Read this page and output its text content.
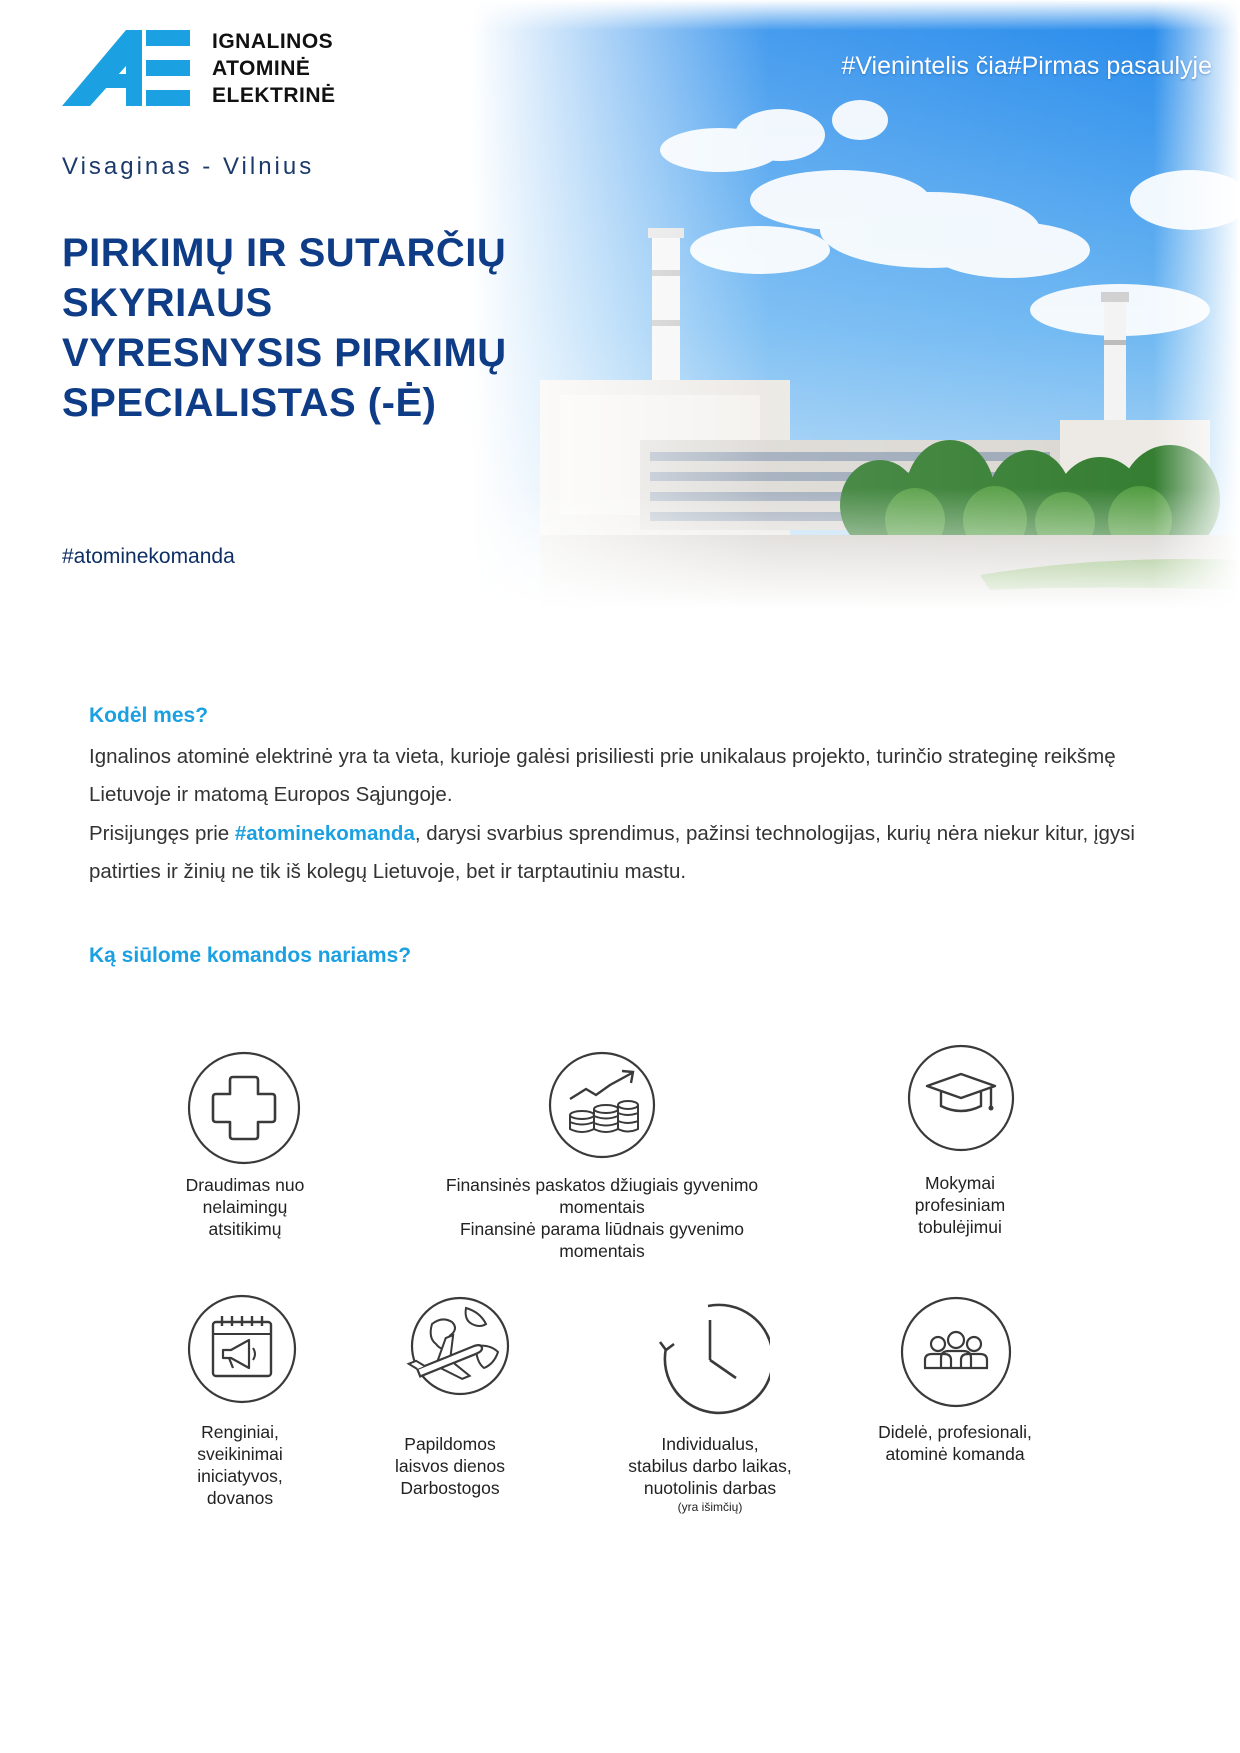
IGNALINOS
ATOMINĖ
ELEKTRINĖ
#Vienintelis čia#Pirmas pasaulyje
Visaginas - Vilnius
PIRKIMŲ IR SUTARČIŲ
SKYRIAUS
VYRESNYSIS PIRKIMŲ
SPECIALISTAS (-Ė)
#atominekomanda
Kodėl mes?

Ignalinos atominė elektrinė yra ta vieta, kurioje galėsi prisiliesti prie unikalaus projekto, turinčio strateginę reikšmę Lietuvoje ir matomą Europos Sąjungoje.

Prisijungęs prie #atominekomanda, darysi svarbius sprendimus, pažinsi technologijas, kurių nėra niekur kitur, įgysi patirties ir žinių ne tik iš kolegų Lietuvoje, bet ir tarptautiniu mastu.

Ką siūlome komandos nariams?
Draudimas nuo
nelaimingų
atsitikimų
Finansinės paskatos džiugiais gyvenimo
momentais
Finansinė parama liūdnais gyvenimo
momentais
Mokymai
profesiniam
tobulėjimui
Renginiai,
sveikinimai
iniciatyvos,
dovanos
Papildomos
laisvos dienos
Darbostogos
Individualus,
stabilus darbo laikas,
nuotolinis darbas
(yra išimčių)
Didelė, profesionali,
atominė komanda
